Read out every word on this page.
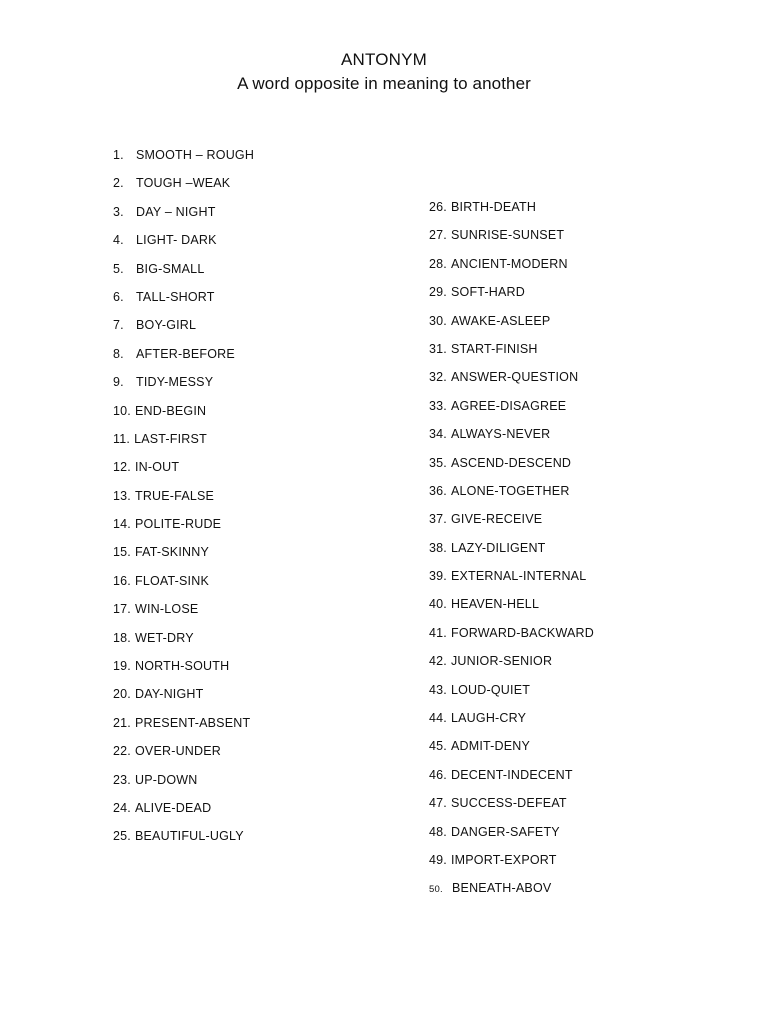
ANTONYM
A word opposite in meaning to another
1. SMOOTH – ROUGH
2. TOUGH –WEAK
3. DAY – NIGHT
4. LIGHT- DARK
5. BIG-SMALL
6. TALL-SHORT
7. BOY-GIRL
8. AFTER-BEFORE
9. TIDY-MESSY
10. END-BEGIN
11. LAST-FIRST
12. IN-OUT
13. TRUE-FALSE
14. POLITE-RUDE
15. FAT-SKINNY
16. FLOAT-SINK
17. WIN-LOSE
18. WET-DRY
19. NORTH-SOUTH
20. DAY-NIGHT
21. PRESENT-ABSENT
22. OVER-UNDER
23. UP-DOWN
24. ALIVE-DEAD
25. BEAUTIFUL-UGLY
26. BIRTH-DEATH
27. SUNRISE-SUNSET
28. ANCIENT-MODERN
29. SOFT-HARD
30. AWAKE-ASLEEP
31. START-FINISH
32. ANSWER-QUESTION
33. AGREE-DISAGREE
34. ALWAYS-NEVER
35. ASCEND-DESCEND
36. ALONE-TOGETHER
37. GIVE-RECEIVE
38. LAZY-DILIGENT
39. EXTERNAL-INTERNAL
40. HEAVEN-HELL
41. FORWARD-BACKWARD
42. JUNIOR-SENIOR
43. LOUD-QUIET
44. LAUGH-CRY
45. ADMIT-DENY
46. DECENT-INDECENT
47. SUCCESS-DEFEAT
48. DANGER-SAFETY
49. IMPORT-EXPORT
50. BENEATH-ABOV
